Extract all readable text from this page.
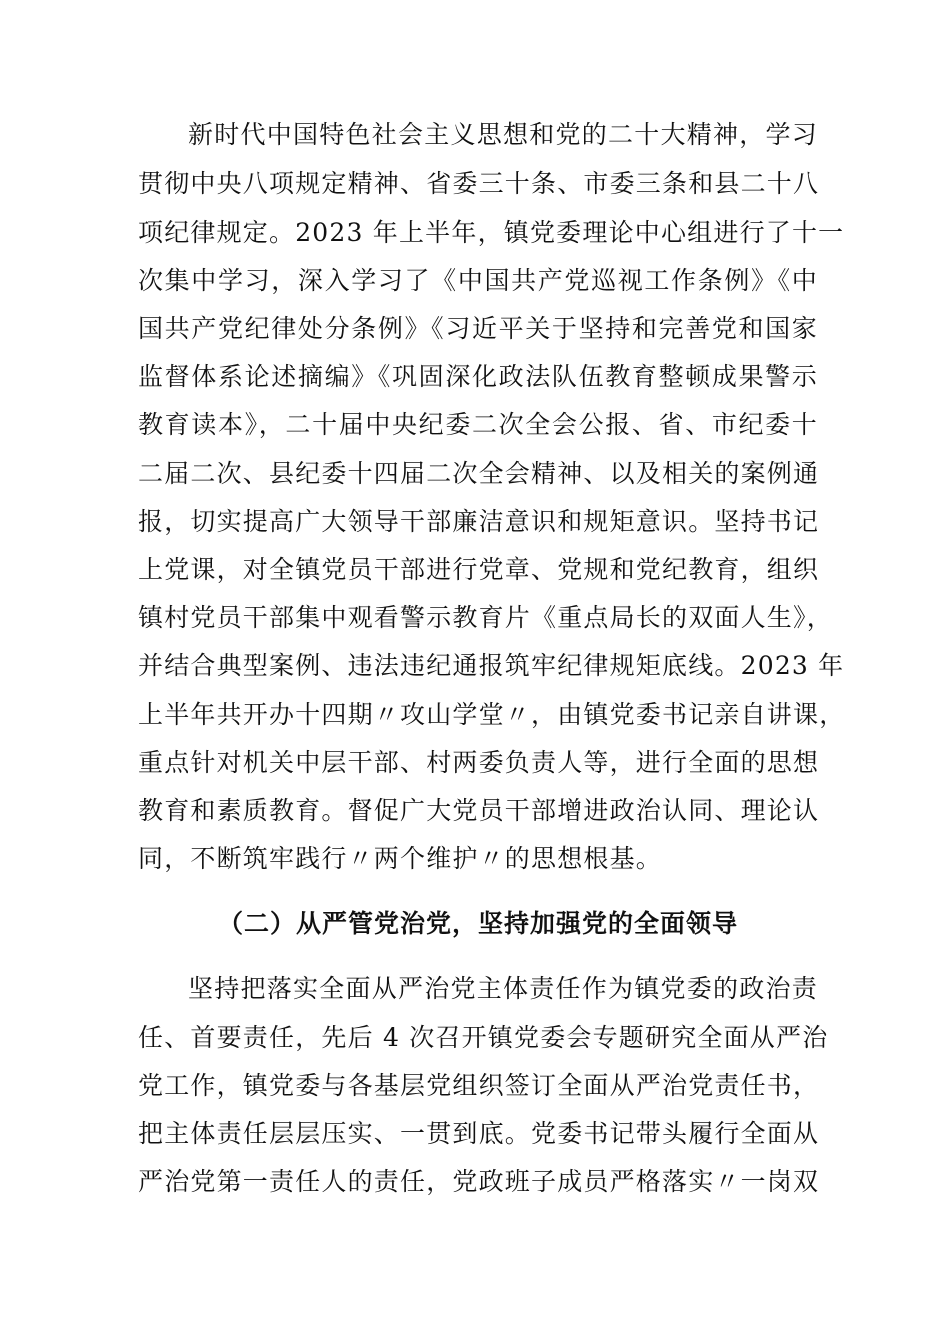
新时代中国特色社会主义思想和党的二十大精神，学习
贯彻中央八项规定精神、省委三十条、市委三条和县二十八
项纪律规定。2023 年上半年，镇党委理论中心组进行了十一
次集中学习，深入学习了《中国共产党巡视工作条例》《中
国共产党纪律处分条例》《习近平关于坚持和完善党和国家
监督体系论述摘编》《巩固深化政法队伍教育整顿成果警示
教育读本》，二十届中央纪委二次全会公报、省、市纪委十
二届二次、县纪委十四届二次全会精神、以及相关的案例通
报，切实提高广大领导干部廉洁意识和规矩意识。坚持书记
上党课，对全镇党员干部进行党章、党规和党纪教育，组织
镇村党员干部集中观看警示教育片《重点局长的双面人生》，
并结合典型案例、违法违纪通报筑牢纪律规矩底线。2023 年
上半年共开办十四期〃攻山学堂〃，由镇党委书记亲自讲课，
重点针对机关中层干部、村两委负责人等，进行全面的思想
教育和素质教育。督促广大党员干部增进政治认同、理论认
同，不断筑牢践行〃两个维护〃的思想根基。
（二）从严管党治党，坚持加强党的全面领导
坚持把落实全面从严治党主体责任作为镇党委的政治责
任、首要责任，先后 4 次召开镇党委会专题研究全面从严治
党工作，镇党委与各基层党组织签订全面从严治党责任书，
把主体责任层层压实、一贯到底。党委书记带头履行全面从
严治党第一责任人的责任，党政班子成员严格落实〃一岗双
